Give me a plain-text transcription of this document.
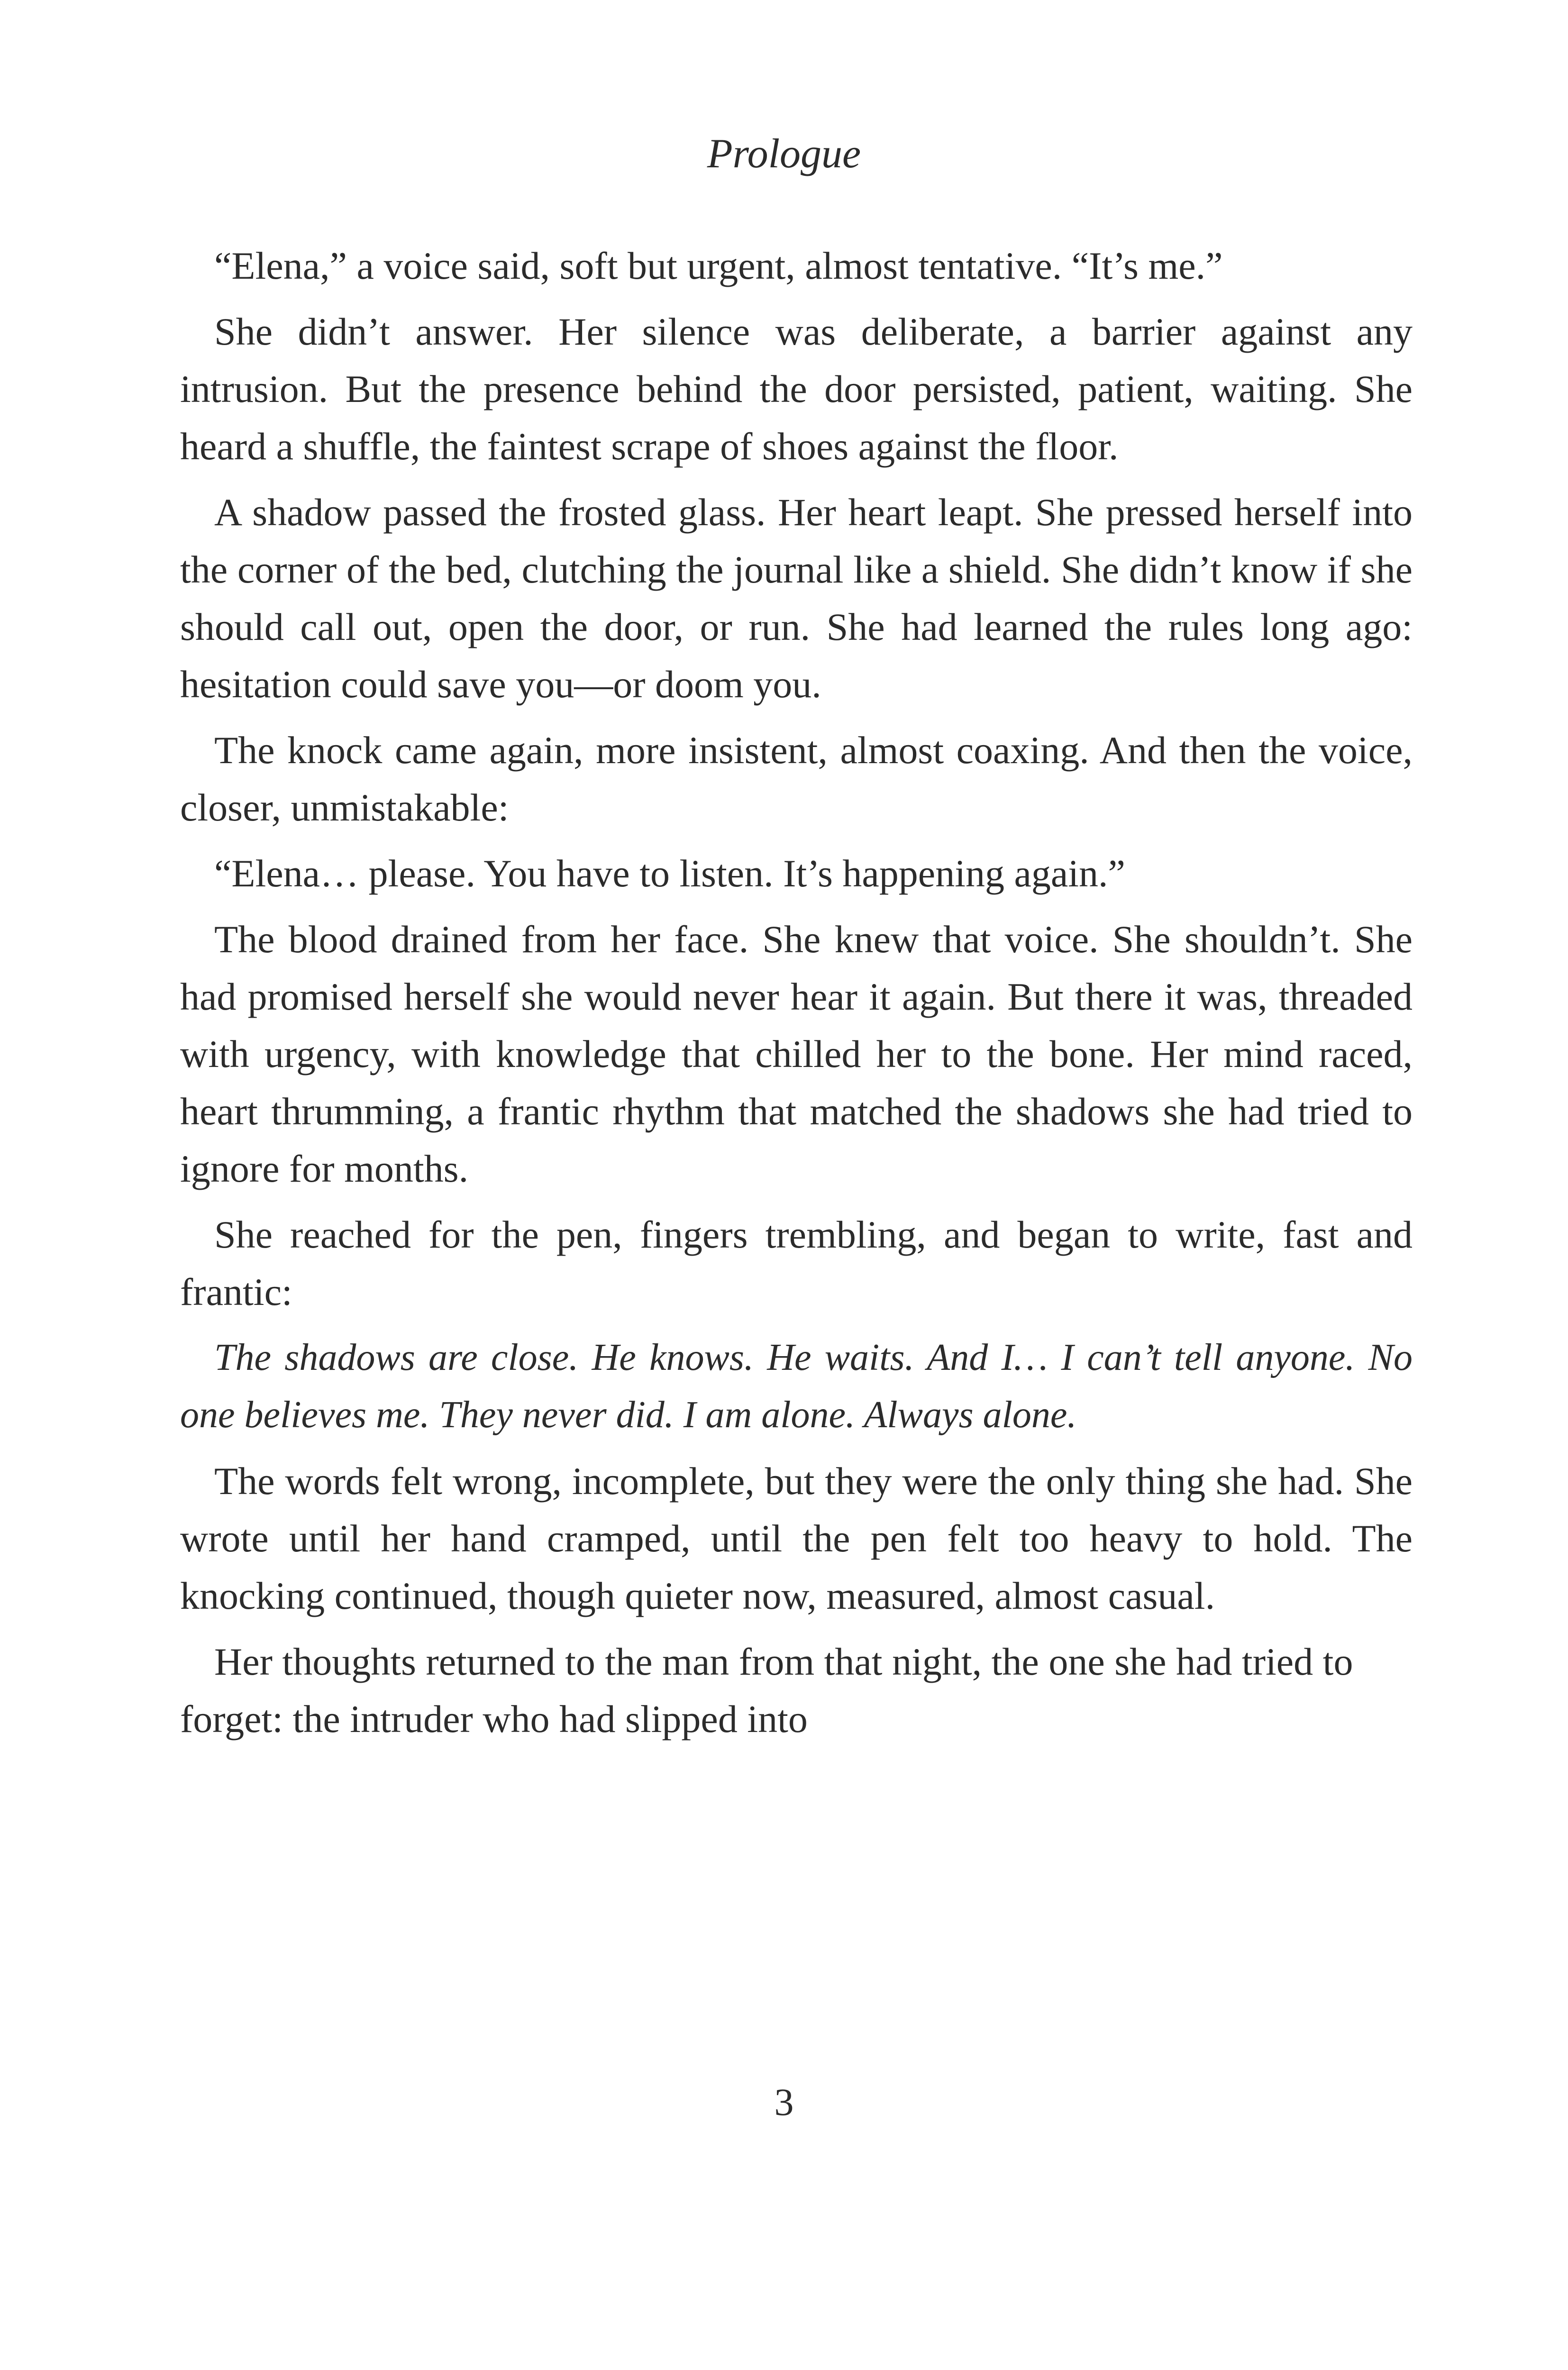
Prologue

“Elena,” a voice said, soft but urgent, almost tentative. “It’s me.”

She didn’t answer. Her silence was deliberate, a barrier against any intrusion. But the presence behind the door persisted, patient, waiting. She heard a shuffle, the faintest scrape of shoes against the floor.

A shadow passed the frosted glass. Her heart leapt. She pressed herself into the corner of the bed, clutching the journal like a shield. She didn’t know if she should call out, open the door, or run. She had learned the rules long ago: hesitation could save you—or doom you.

The knock came again, more insistent, almost coaxing. And then the voice, closer, unmistakable:

“Elena… please. You have to listen. It’s happening again.”

The blood drained from her face. She knew that voice. She shouldn’t. She had promised herself she would never hear it again. But there it was, threaded with urgency, with knowledge that chilled her to the bone. Her mind raced, heart thrumming, a frantic rhythm that matched the shadows she had tried to ignore for months.

She reached for the pen, fingers trembling, and began to write, fast and frantic:

The shadows are close. He knows. He waits. And I… I can’t tell anyone. No one believes me. They never did. I am alone. Always alone.

The words felt wrong, incomplete, but they were the only thing she had. She wrote until her hand cramped, until the pen felt too heavy to hold. The knocking continued, though quieter now, measured, almost casual.

Her thoughts returned to the man from that night, the one she had tried to forget: the intruder who had slipped into

3
